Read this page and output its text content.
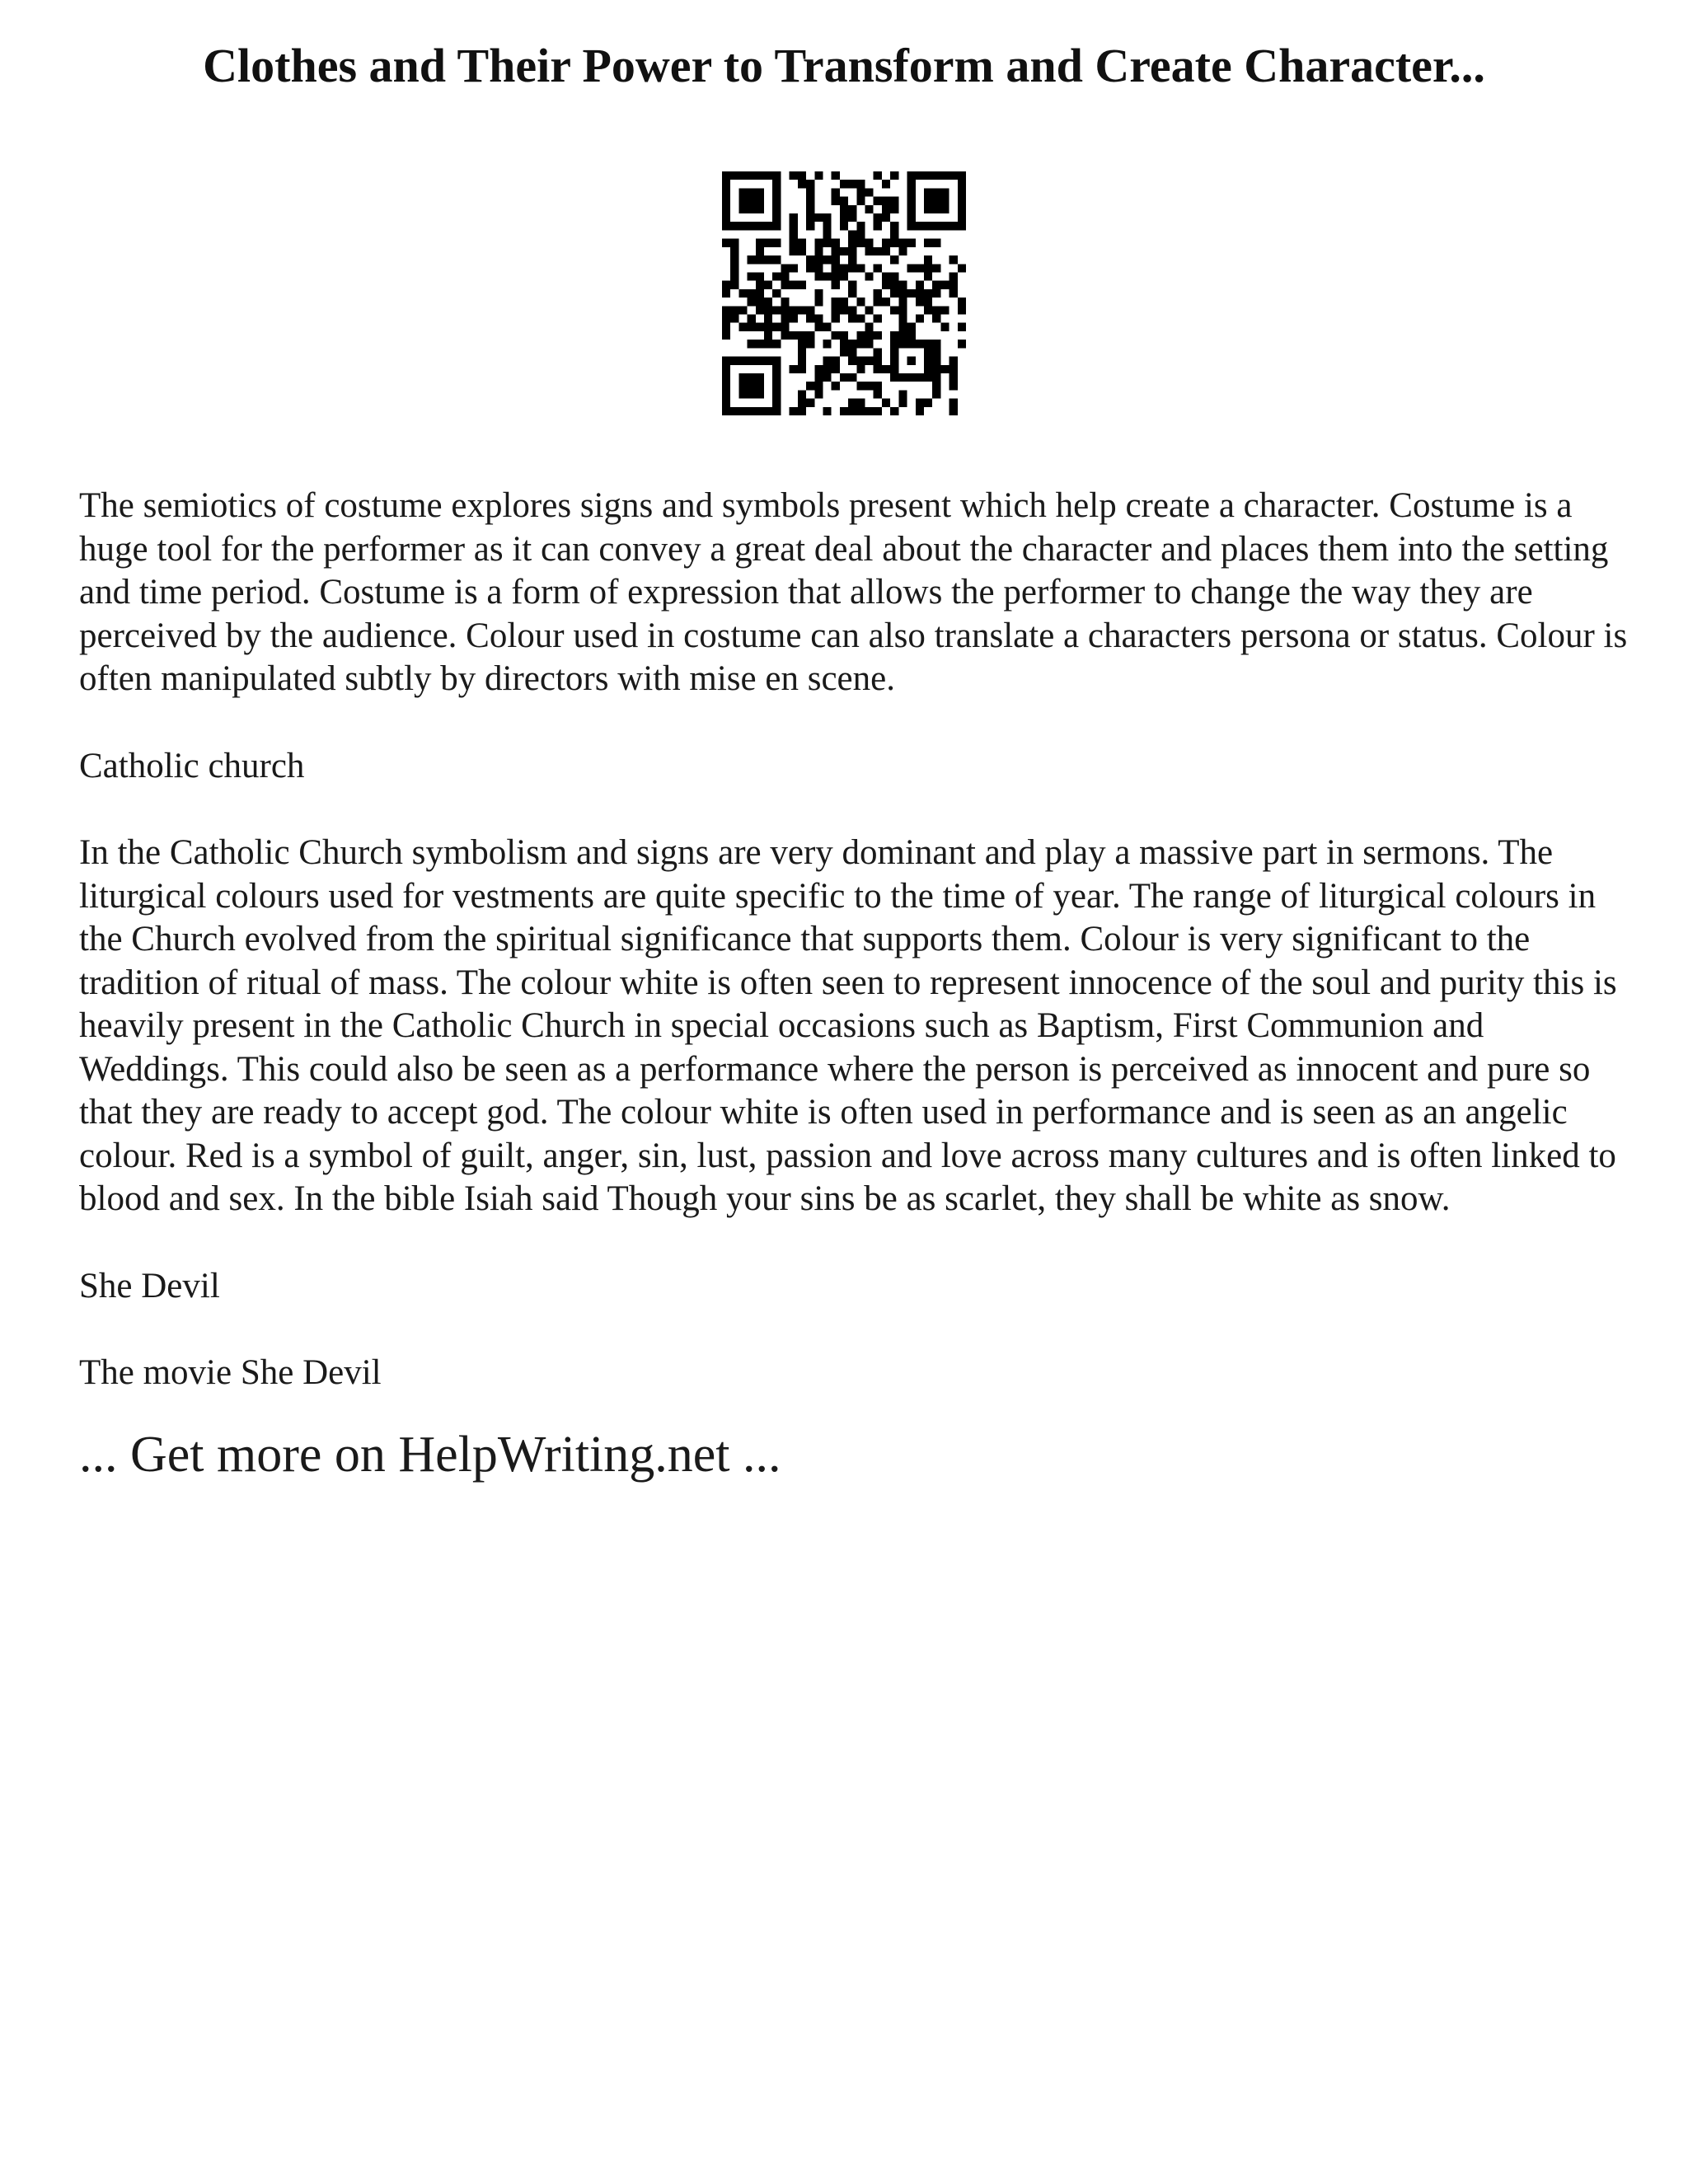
Clothes and Their Power to Transform and Create Character...

The semiotics of costume explores signs and symbols present which help create a character. Costume is a huge tool for the performer as it can convey a great deal about the character and places them into the setting and time period. Costume is a form of expression that allows the performer to change the way they are perceived by the audience. Colour used in costume can also translate a characters persona or status. Colour is often manipulated subtly by directors with mise en scene.

Catholic church

In the Catholic Church symbolism and signs are very dominant and play a massive part in sermons. The liturgical colours used for vestments are quite specific to the time of year. The range of liturgical colours in the Church evolved from the spiritual significance that supports them. Colour is very significant to the tradition of ritual of mass. The colour white is often seen to represent innocence of the soul and purity this is heavily present in the Catholic Church in special occasions such as Baptism, First Communion and Weddings. This could also be seen as a performance where the person is perceived as innocent and pure so that they are ready to accept god. The colour white is often used in performance and is seen as an angelic colour. Red is a symbol of guilt, anger, sin, lust, passion and love across many cultures and is often linked to blood and sex. In the bible Isiah said Though your sins be as scarlet, they shall be white as snow.

She Devil

The movie She Devil

... Get more on HelpWriting.net ...
